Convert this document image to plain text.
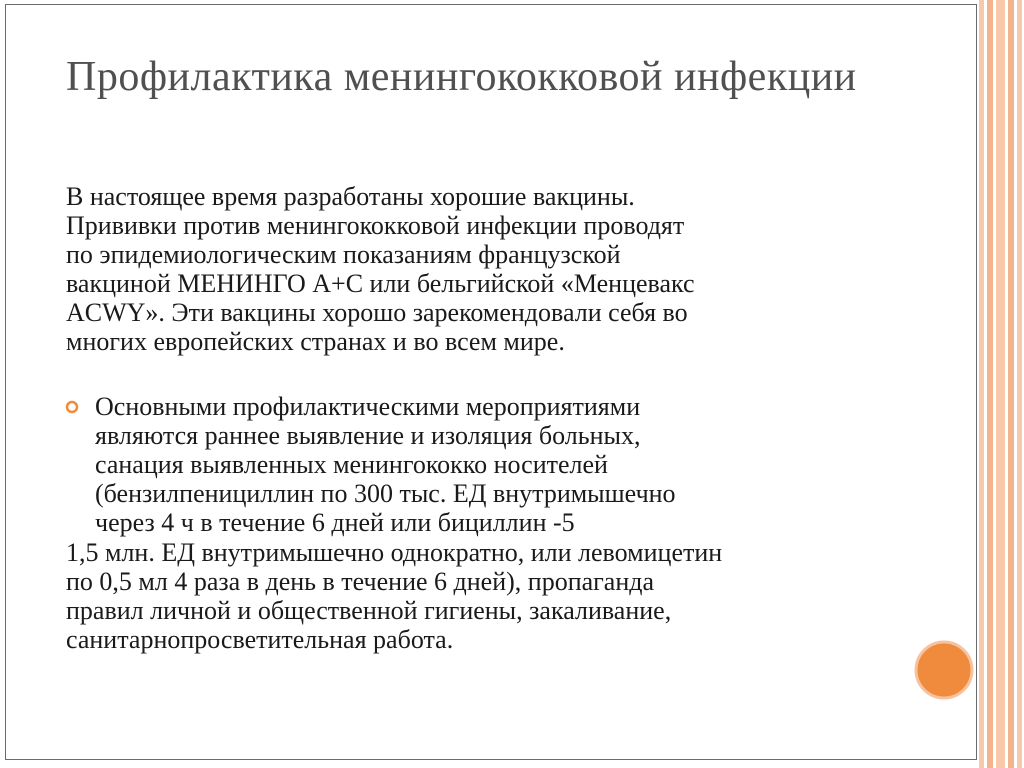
Профилактика менингококковой инфекции

В настоящее время разработаны хорошие вакцины.
Прививки против менингококковой инфекции проводят
по эпидемиологическим показаниям французской
вакциной МЕНИНГО А+С или бельгийской «Менцевакс
ACWY». Эти вакцины хорошо зарекомендовали себя во
многих европейских странах и во всем мире.

Основными профилактическими мероприятиями
являются раннее выявление и изоляция больных,
санация выявленных менингококко носителей
(бензилпенициллин по 300 тыс. ЕД внутримышечно
через 4 ч в течение 6 дней или бициллин -5

1,5 млн. ЕД внутримышечно однократно, или левомицетин
по 0,5 мл 4 раза в день в течение 6 дней), пропаганда
правил личной и общественной гигиены, закаливание,
санитарнопросветительная работа.
